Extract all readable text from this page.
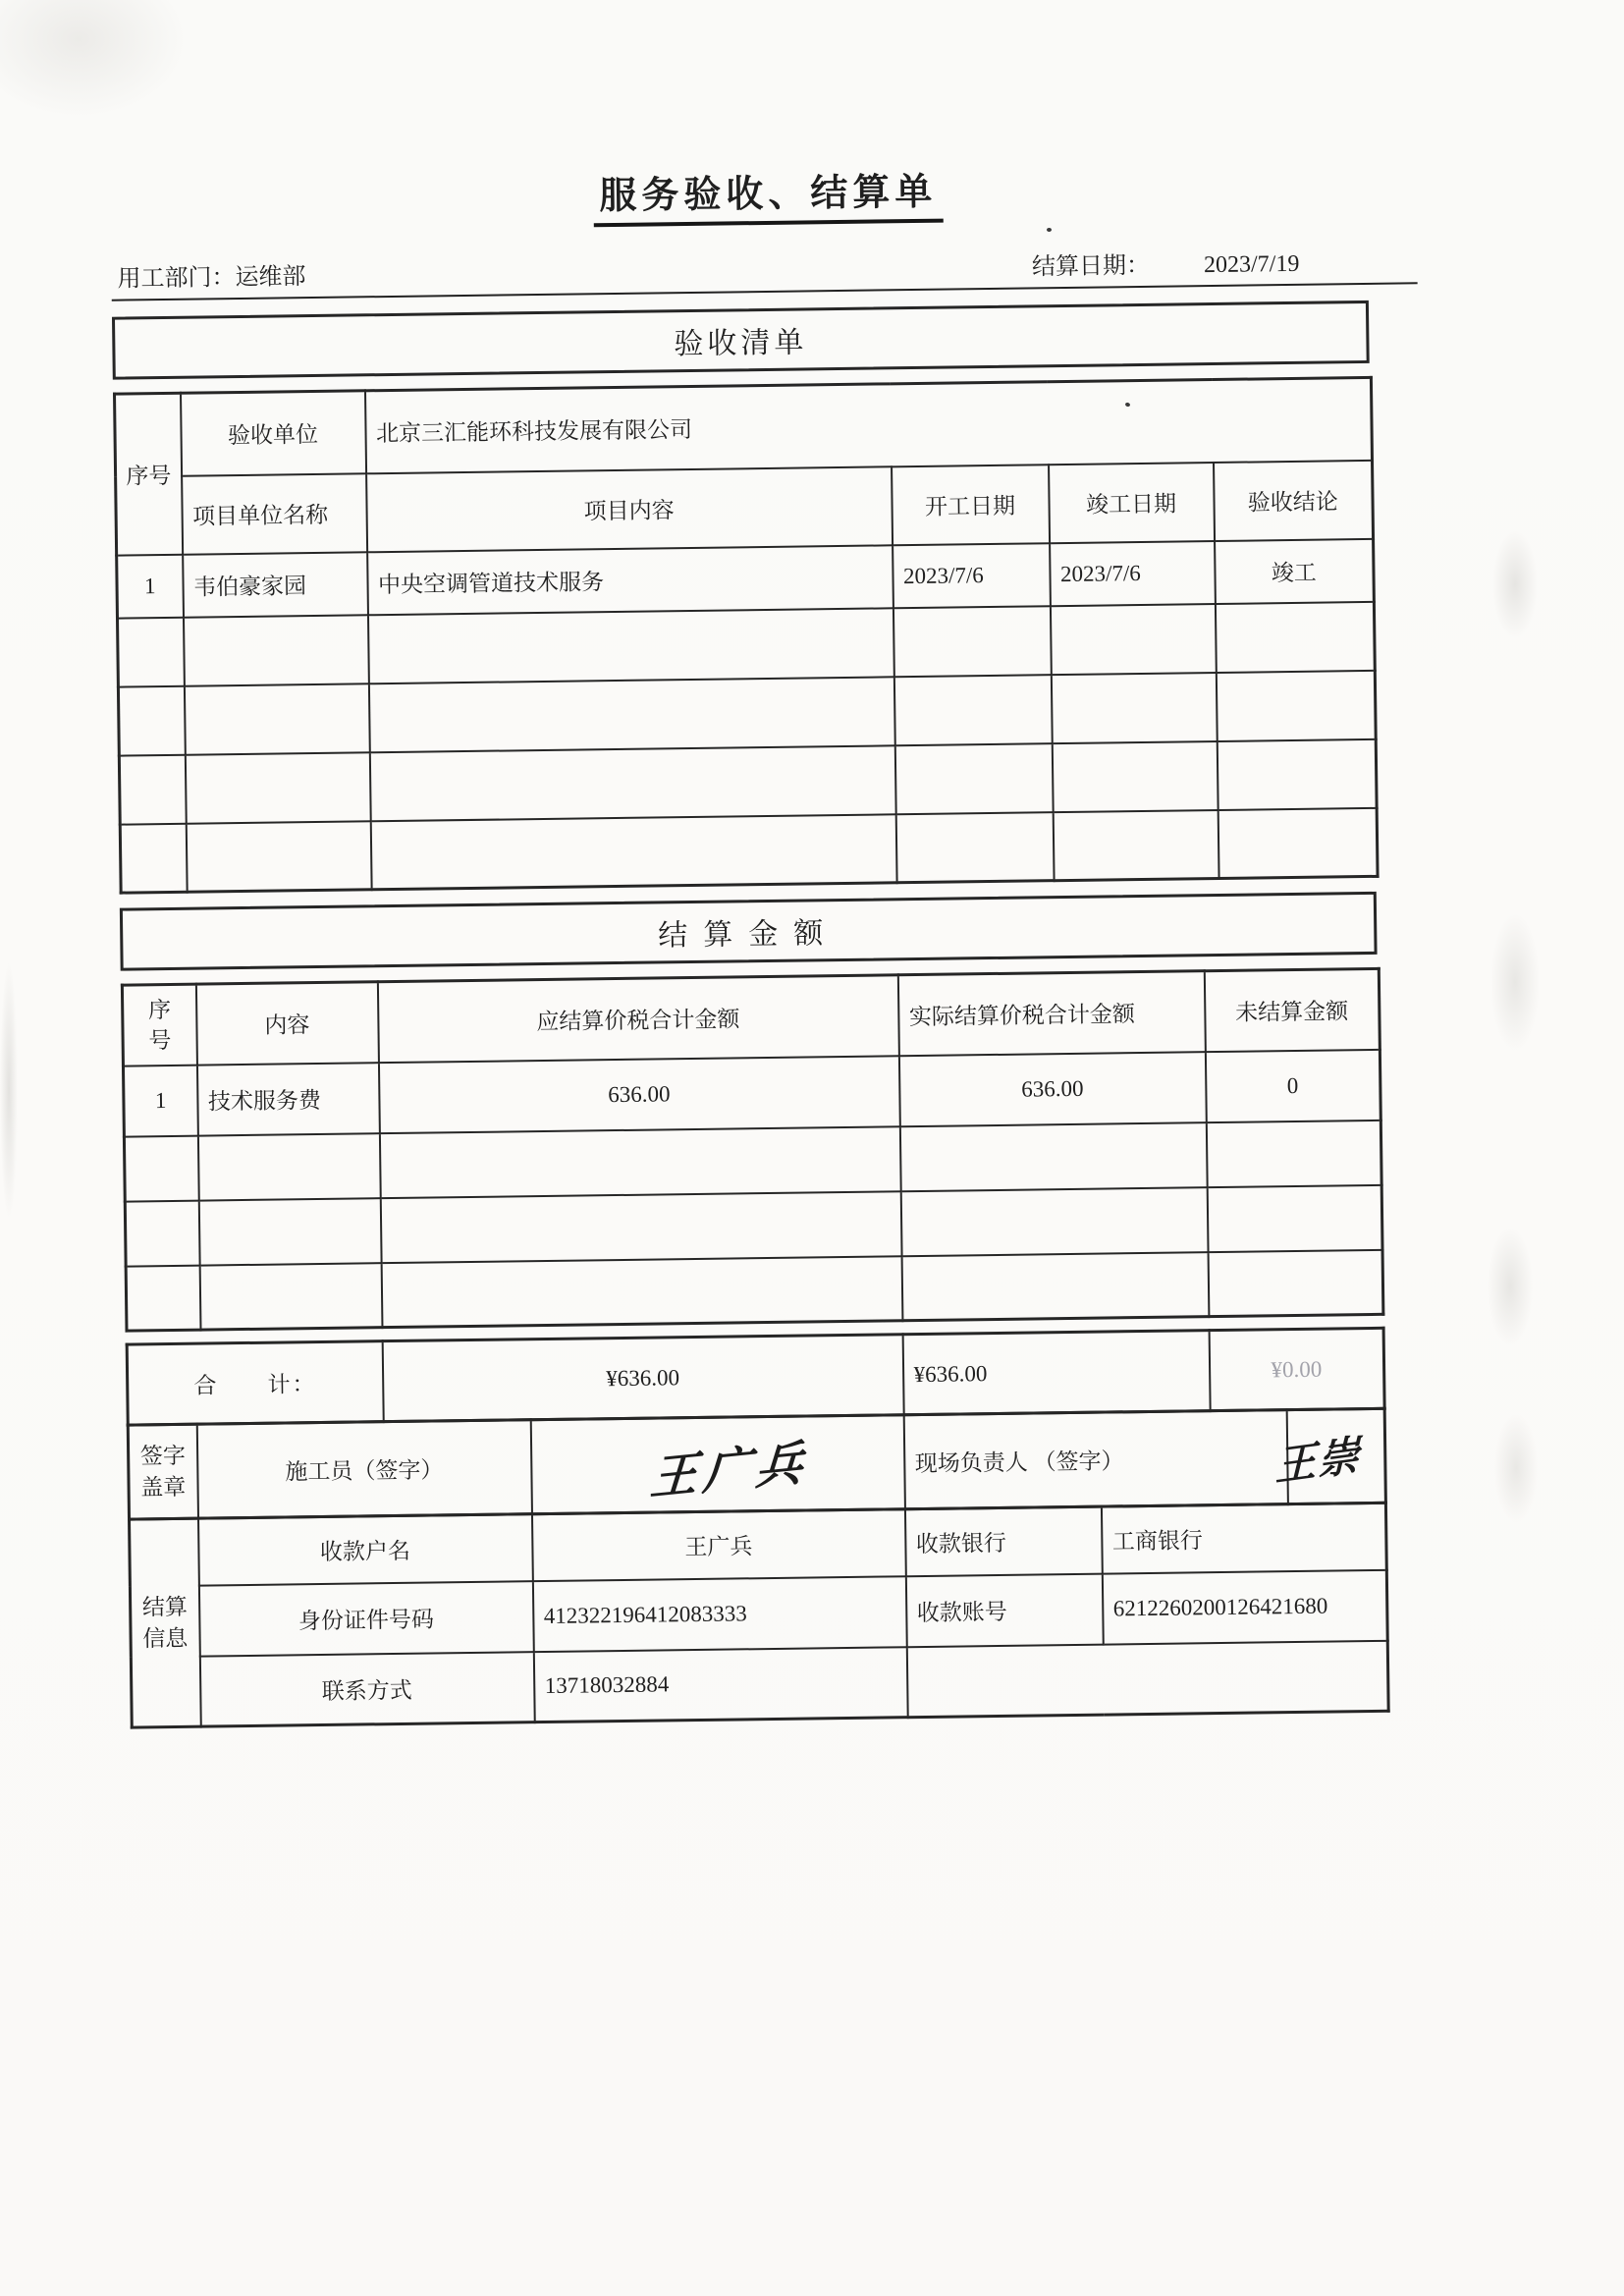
服务验收、结算单
用工部门：运维部	结算日期： 2023/7/19
验收清单
序号	验收单位	北京三汇能环科技发展有限公司			
	项目单位名称	项目内容	开工日期	竣工日期	验收结论
1	韦伯豪家园	中央空调管道技术服务	2023/7/6	2023/7/6	竣工

结算金额
序号	内容	应结算价税合计金额	实际结算价税合计金额	未结算金额
1	技术服务费	636.00	636.00	0

合　　计：	¥636.00	¥636.00	¥0.00
签字盖章	施工员（签字）	王广兵	现场负责人 （签字）	王崇
结算信息	收款户名	王广兵	收款银行	工商银行
	身份证件号码	412322196412083333	收款账号	6212260200126421680
	联系方式	13718032884		
